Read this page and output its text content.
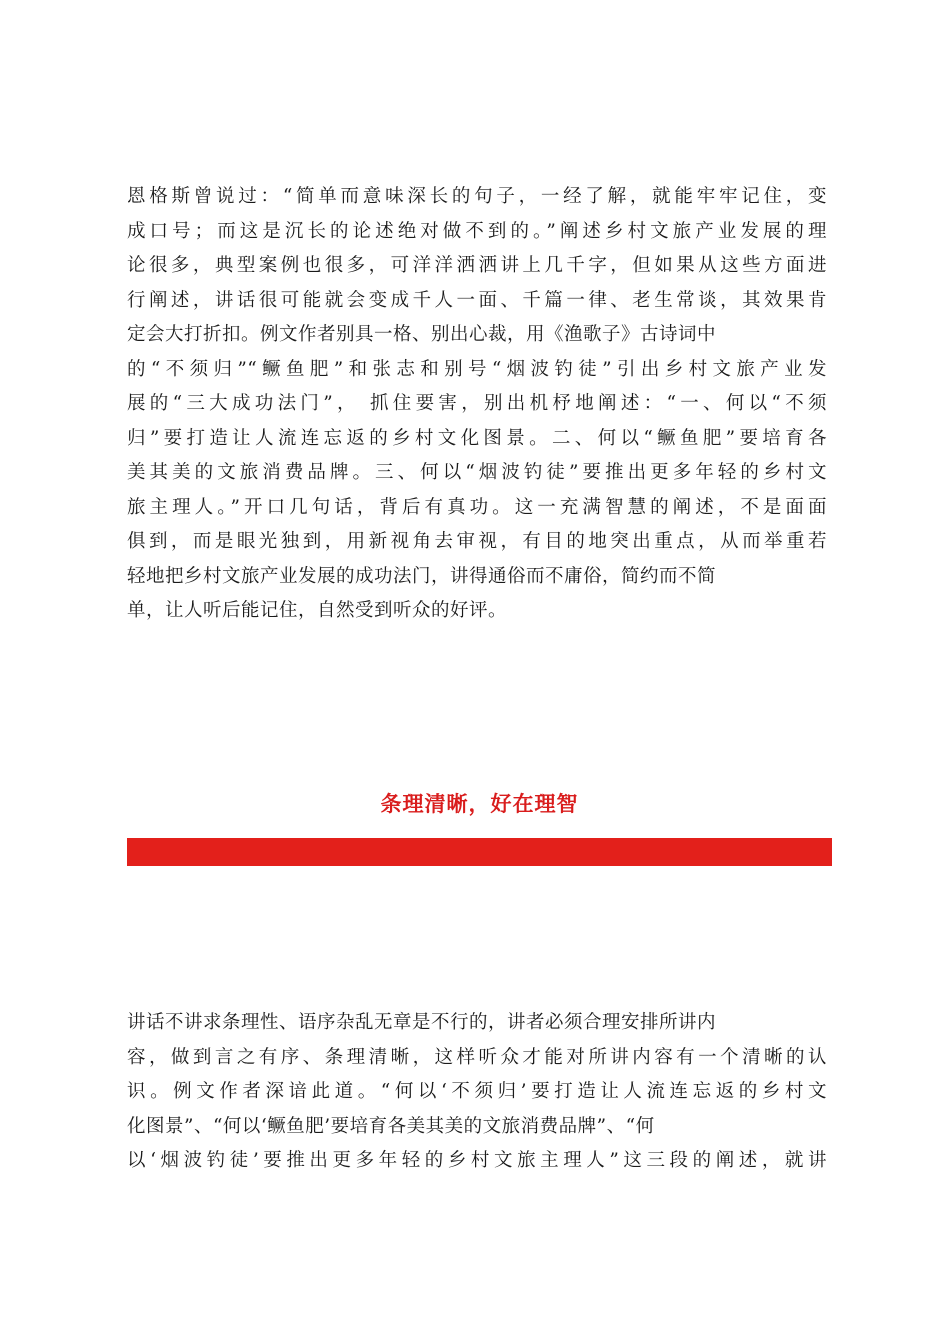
恩格斯曾说过：“简单而意味深长的句子，一经了解，就能牢牢记住，变
成口号；而这是沉长的论述绝对做不到的。”阐述乡村文旅产业发展的理
论很多，典型案例也很多，可洋洋洒洒讲上几千字，但如果从这些方面进
行阐述，讲话很可能就会变成千人一面、千篇一律、老生常谈，其效果肯
定会大打折扣。例文作者别具一格、别出心裁，用《渔歌子》古诗词中
的“不须归”“鳜鱼肥”和张志和别号“烟波钓徒”引出乡村文旅产业发
展的“三大成功法门”， 抓住要害，别出机杼地阐述：“一、何以“不须
归”要打造让人流连忘返的乡村文化图景。二、何以“鳜鱼肥”要培育各
美其美的文旅消费品牌。三、何以“烟波钓徒”要推出更多年轻的乡村文
旅主理人。”开口几句话，背后有真功。这一充满智慧的阐述，不是面面
俱到，而是眼光独到，用新视角去审视，有目的地突出重点，从而举重若
轻地把乡村文旅产业发展的成功法门，讲得通俗而不庸俗，简约而不简
单，让人听后能记住，自然受到听众的好评。
条理清晰，好在理智
讲话不讲求条理性、语序杂乱无章是不行的，讲者必须合理安排所讲内
容，做到言之有序、条理清晰，这样听众才能对所讲内容有一个清晰的认
识。例文作者深谙此道。“何以‘不须归’要打造让人流连忘返的乡村文
化图景”、“何以‘鳜鱼肥’要培育各美其美的文旅消费品牌”、“何
以‘烟波钓徒’要推出更多年轻的乡村文旅主理人”这三段的阐述，就讲
